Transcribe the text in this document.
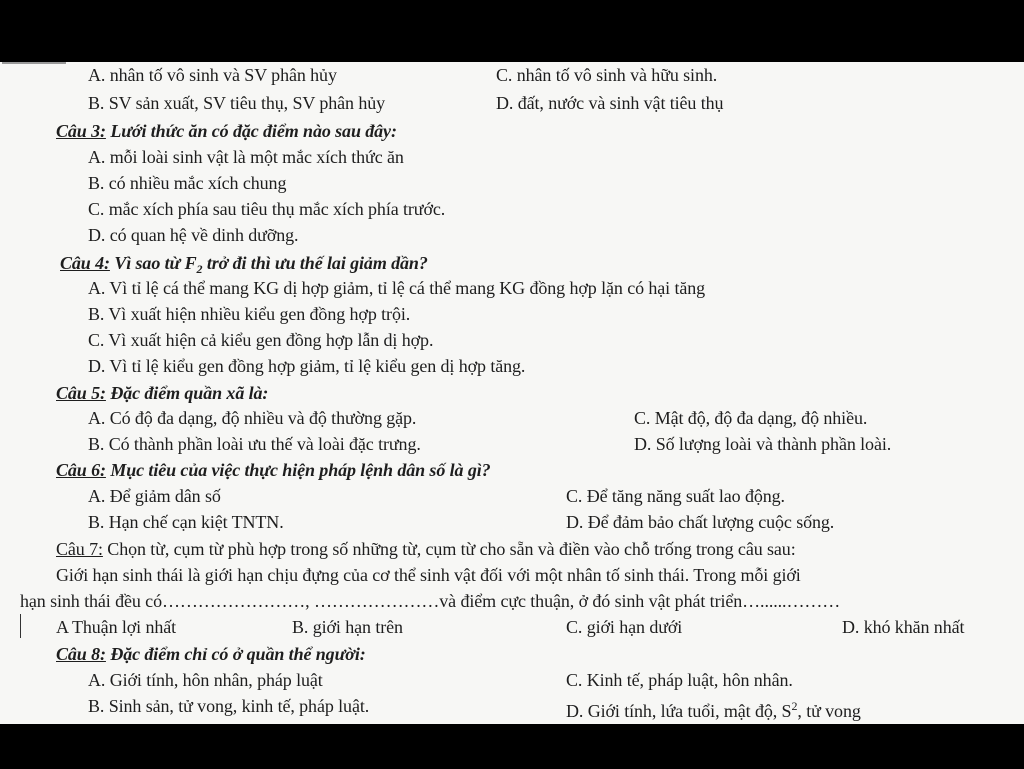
A. nhân tố vô sinh và SV phân hủy	C. nhân tố vô sinh và hữu sinh.
B. SV sản xuất, SV tiêu thụ, SV phân hủy	D. đất, nước và sinh vật tiêu thụ
Câu 3: Lưới thức ăn có đặc điểm nào sau đây:
A. mỗi loài sinh vật là một mắc xích thức ăn
B. có nhiều mắc xích chung
C. mắc xích phía sau tiêu thụ mắc xích phía trước.
D. có quan hệ về dinh dưỡng.
Câu 4: Vì sao từ $F_2$ trở đi thì ưu thế lai giảm dần?
A. Vì tỉ lệ cá thể mang KG dị hợp giảm, tỉ lệ cá thể mang KG đồng hợp lặn có hại tăng
B. Vì xuất hiện nhiều kiểu gen đồng hợp trội.
C. Vì xuất hiện cả kiểu gen đồng hợp lẫn dị hợp.
D. Vì tỉ lệ kiểu gen đồng hợp giảm, tỉ lệ kiểu gen dị hợp tăng.
Câu 5: Đặc điểm quần xã là:
A. Có độ đa dạng, độ nhiều và độ thường gặp.	C. Mật độ, độ đa dạng, độ nhiều.
B. Có thành phần loài ưu thế và loài đặc trưng.	D. Số lượng loài và thành phần loài.
Câu 6: Mục tiêu của việc thực hiện pháp lệnh dân số là gì?
A. Để giảm dân số	C. Để tăng năng suất lao động.
B. Hạn chế cạn kiệt TNTN.	D. Để đảm bảo chất lượng cuộc sống.
Câu 7: Chọn từ, cụm từ phù hợp trong số những từ, cụm từ cho sẵn và điền vào chỗ trống trong câu sau:
Giới hạn sinh thái là giới hạn chịu đựng của cơ thể sinh vật đối với một nhân tố sinh thái. Trong mỗi giới
hạn sinh thái đều có……………………, …………………và điểm cực thuận, ở đó sinh vật phát triển…......………
A Thuận lợi nhất	B. giới hạn trên	C. giới hạn dưới	D. khó khăn nhất
Câu 8: Đặc điểm chỉ có ở quần thể người:
A. Giới tính, hôn nhân, pháp luật	C. Kinh tế, pháp luật, hôn nhân.
B. Sinh sản, tử vong, kinh tế, pháp luật.	D. Giới tính, lứa tuổi, mật độ, $S^2$, tử vong
